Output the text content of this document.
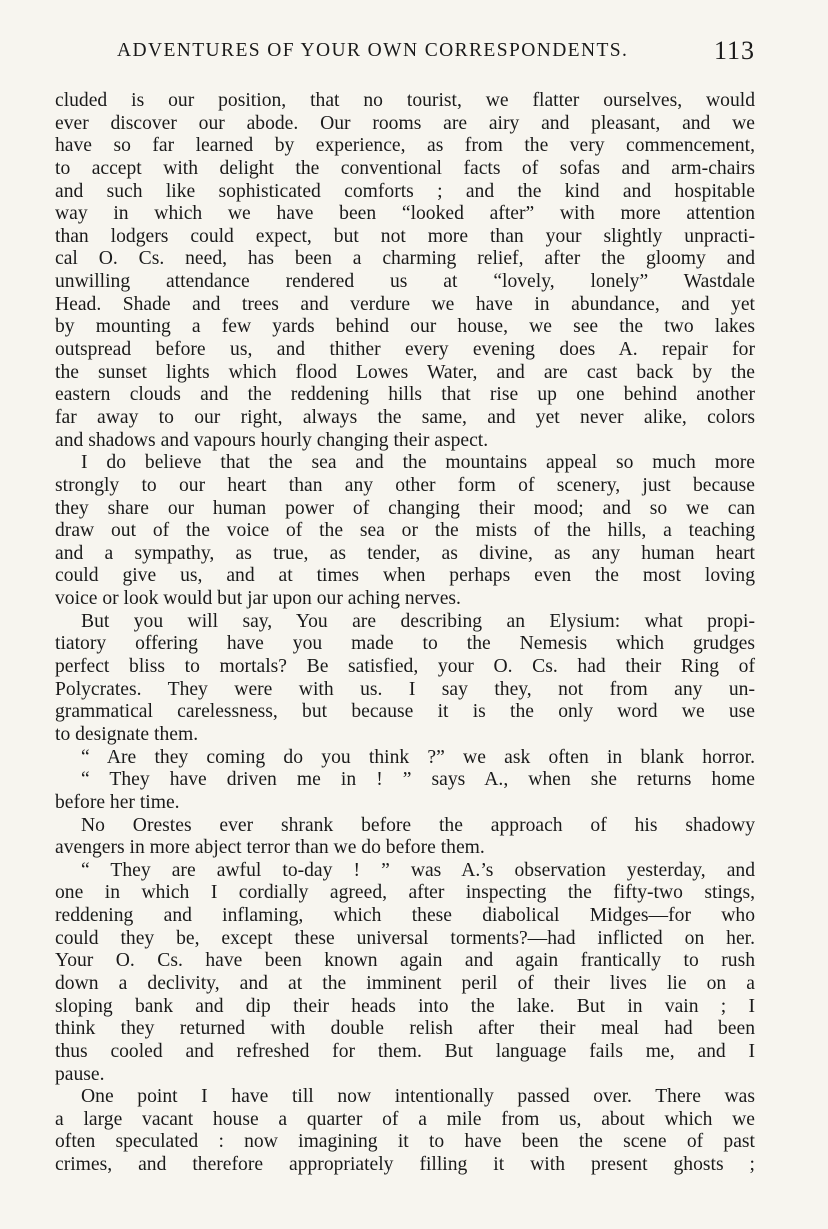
ADVENTURES OF YOUR OWN CORRESPONDENTS.	113
cluded is our position, that no tourist, we flatter ourselves, would
ever discover our abode. Our rooms are airy and pleasant, and we
have so far learned by experience, as from the very commencement,
to accept with delight the conventional facts of sofas and arm-chairs
and such like sophisticated comforts ; and the kind and hospitable
way in which we have been “looked after” with more attention
than lodgers could expect, but not more than your slightly unpracti-
cal O. Cs. need, has been a charming relief, after the gloomy and
unwilling attendance rendered us at “lovely, lonely” Wastdale
Head. Shade and trees and verdure we have in abundance, and yet
by mounting a few yards behind our house, we see the two lakes
outspread before us, and thither every evening does A. repair for
the sunset lights which flood Lowes Water, and are cast back by the
eastern clouds and the reddening hills that rise up one behind another
far away to our right, always the same, and yet never alike, colors
and shadows and vapours hourly changing their aspect.
I do believe that the sea and the mountains appeal so much more
strongly to our heart than any other form of scenery, just because
they share our human power of changing their mood; and so we can
draw out of the voice of the sea or the mists of the hills, a teaching
and a sympathy, as true, as tender, as divine, as any human heart
could give us, and at times when perhaps even the most loving
voice or look would but jar upon our aching nerves.
But you will say, You are describing an Elysium: what propi-
tiatory offering have you made to the Nemesis which grudges
perfect bliss to mortals? Be satisfied, your O. Cs. had their Ring of
Polycrates. They were with us. I say they, not from any un-
grammatical carelessness, but because it is the only word we use
to designate them.
“ Are they coming do you think ?” we ask often in blank horror.
“ They have driven me in ! ” says A., when she returns home
before her time.
No Orestes ever shrank before the approach of his shadowy
avengers in more abject terror than we do before them.
“ They are awful to-day ! ” was A.’s observation yesterday, and
one in which I cordially agreed, after inspecting the fifty-two stings,
reddening and inflaming, which these diabolical Midges—for who
could they be, except these universal torments?—had inflicted on her.
Your O. Cs. have been known again and again frantically to rush
down a declivity, and at the imminent peril of their lives lie on a
sloping bank and dip their heads into the lake. But in vain ; I
think they returned with double relish after their meal had been
thus cooled and refreshed for them. But language fails me, and I
pause.
One point I have till now intentionally passed over. There was
a large vacant house a quarter of a mile from us, about which we
often speculated : now imagining it to have been the scene of past
crimes, and therefore appropriately filling it with present ghosts ;
